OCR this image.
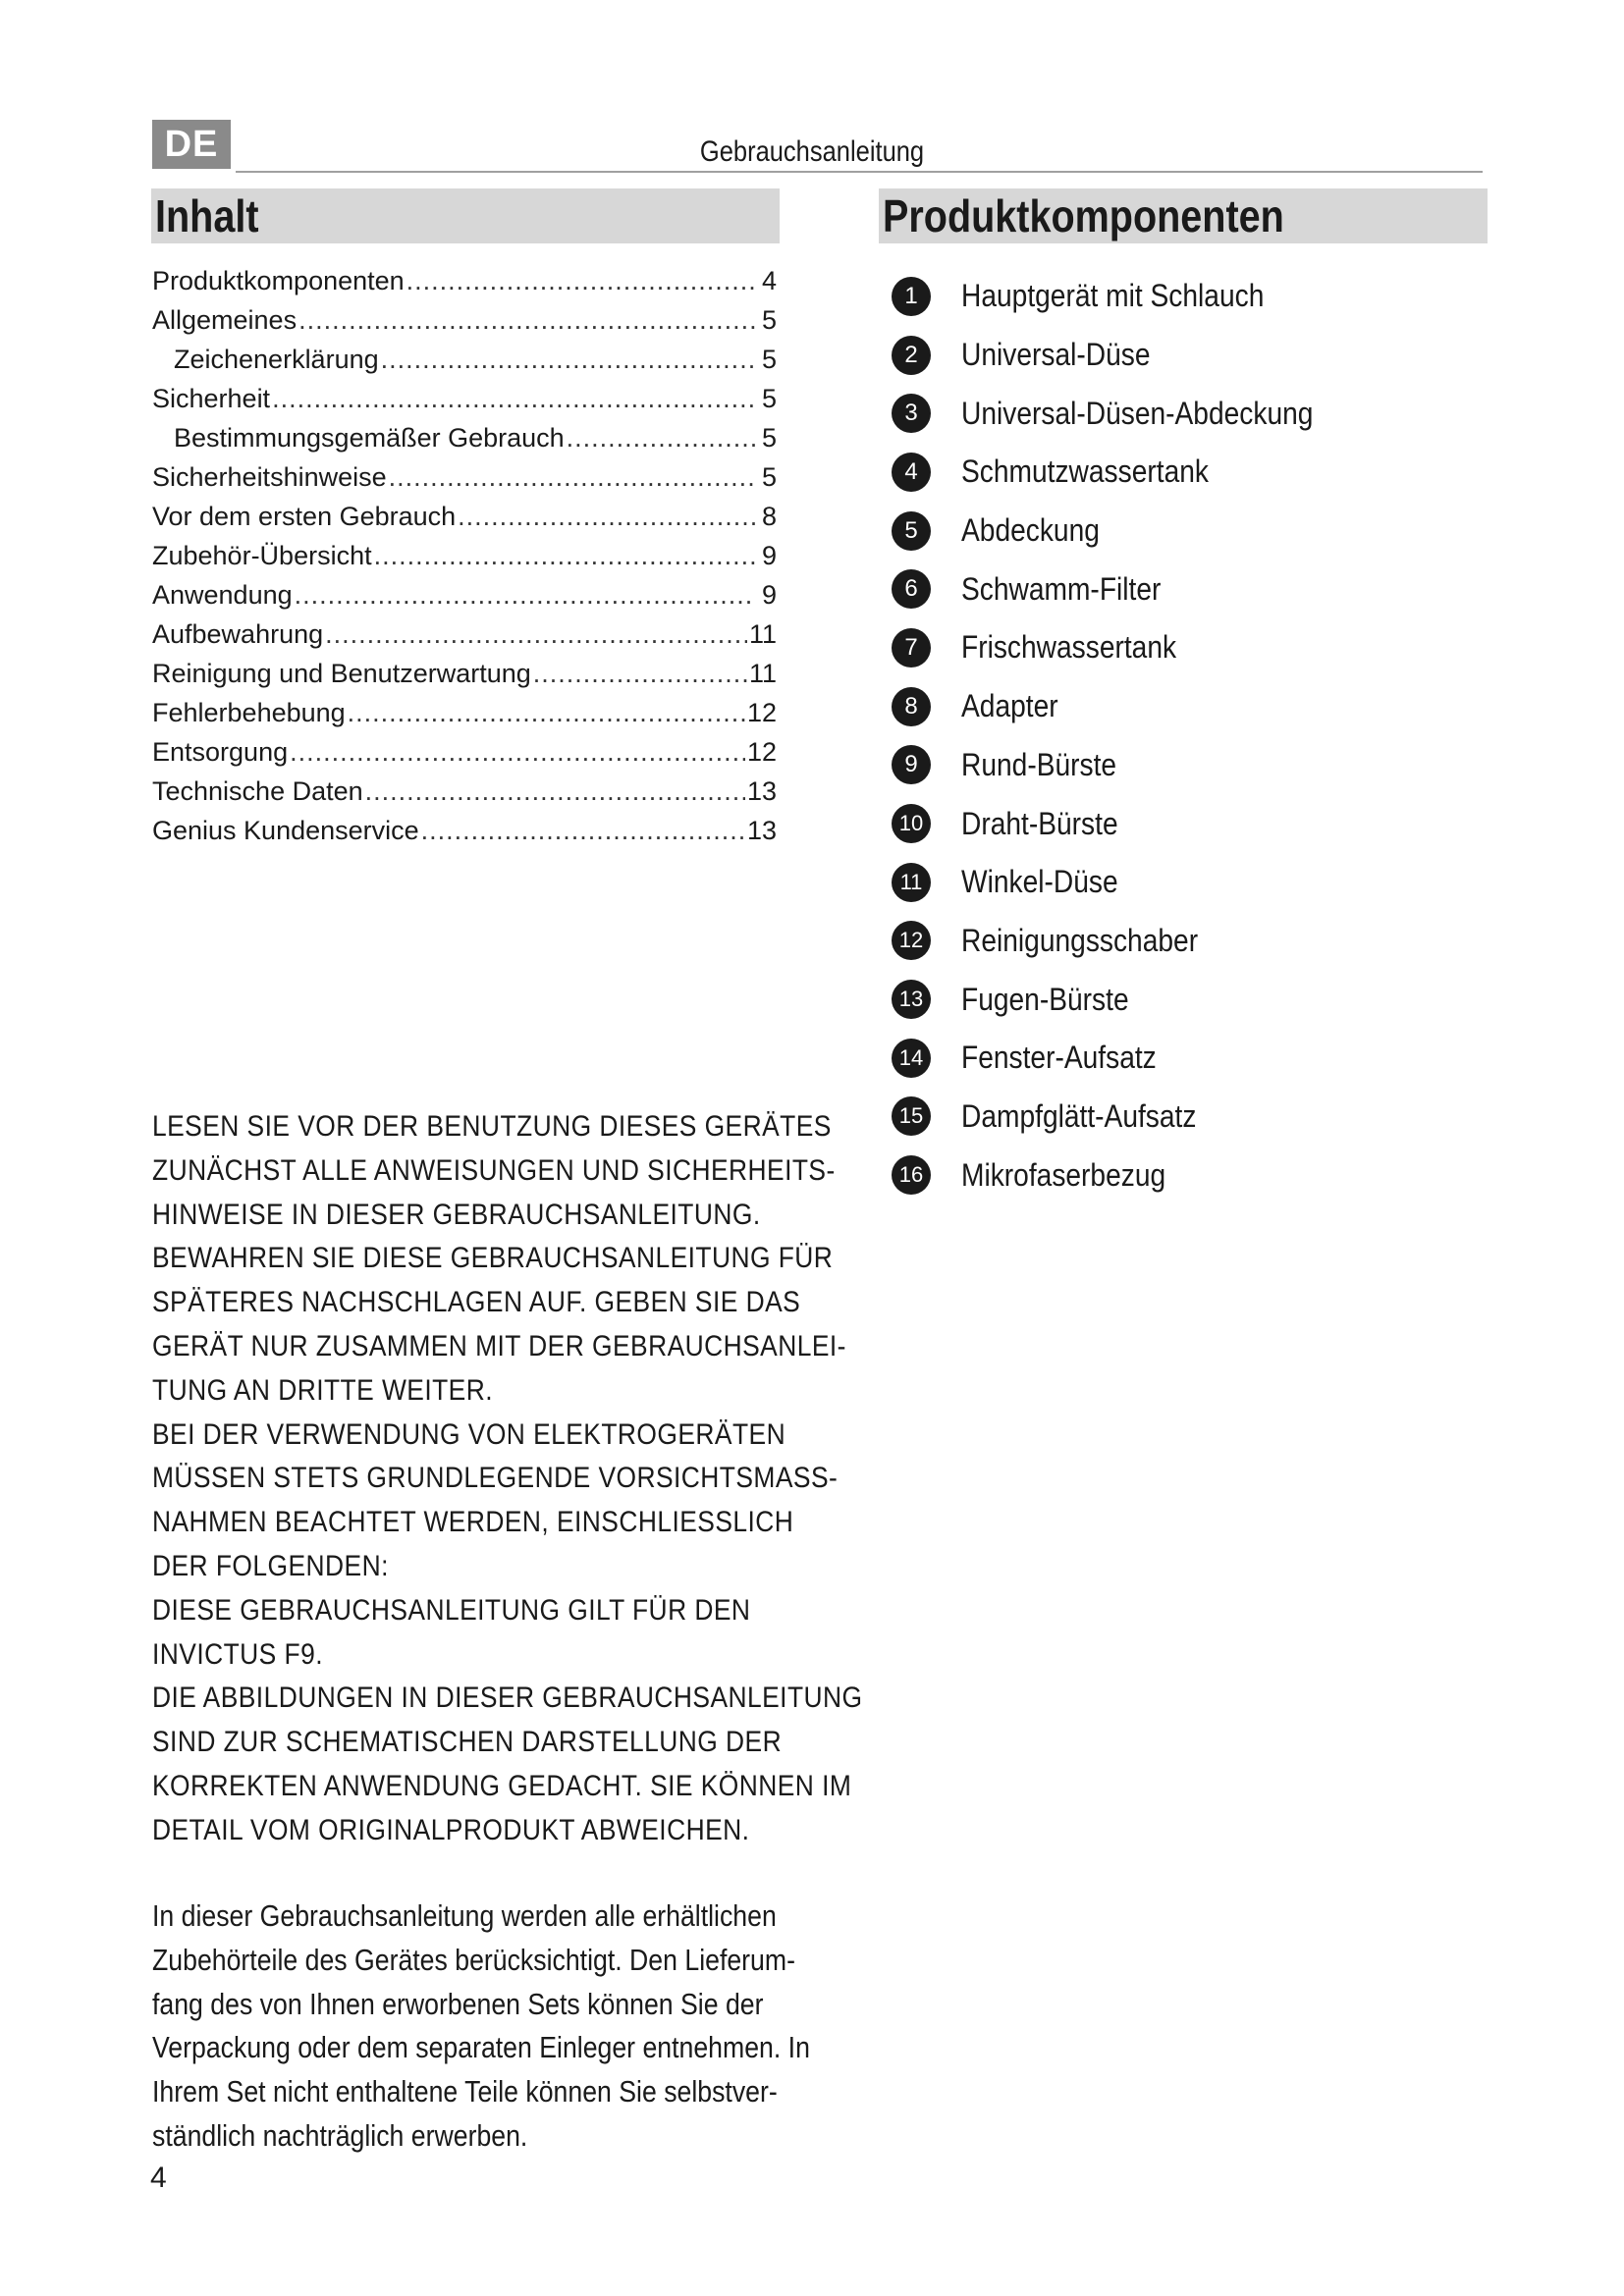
DE	Gebrauchsanleitung
Inhalt	Produktkomponenten
Produktkomponenten .....	4
Allgemeines .....	5
Zeichenerklärung .....	5
Sicherheit .....	5
Bestimmungsgemäßer Gebrauch .....	5
Sicherheitshinweise .....	5
Vor dem ersten Gebrauch .....	8
Zubehör-Übersicht .....	9
Anwendung .....	9
Aufbewahrung .....	11
Reinigung und Benutzerwartung .....	11
Fehlerbehebung .....	12
Entsorgung .....	12
Technische Daten .....	13
Genius Kundenservice .....	13
1	Hauptgerät mit Schlauch
2	Universal-Düse
3	Universal-Düsen-Abdeckung
4	Schmutzwassertank
5	Abdeckung
6	Schwamm-Filter
7	Frischwassertank
8	Adapter
9	Rund-Bürste
10 Draht-Bürste
11 Winkel-Düse
12 Reinigungsschaber
13 Fugen-Bürste
14 Fenster-Aufsatz
15 Dampfglätt-Aufsatz
16 Mikrofaserbezug
LESEN SIE VOR DER BENUTZUNG DIESES GERÄTES
ZUNÄCHST ALLE ANWEISUNGEN UND SICHERHEITS-
HINWEISE IN DIESER GEBRAUCHSANLEITUNG.
BEWAHREN SIE DIESE GEBRAUCHSANLEITUNG FÜR
SPÄTERES NACHSCHLAGEN AUF. GEBEN SIE DAS
GERÄT NUR ZUSAMMEN MIT DER GEBRAUCHSANLEI-
TUNG AN DRITTE WEITER.
BEI DER VERWENDUNG VON ELEKTROGERÄTEN
MÜSSEN STETS GRUNDLEGENDE VORSICHTSMASS-
NAHMEN BEACHTET WERDEN, EINSCHLIESSLICH
DER FOLGENDEN:
DIESE GEBRAUCHSANLEITUNG GILT FÜR DEN
INVICTUS F9.
DIE ABBILDUNGEN IN DIESER GEBRAUCHSANLEITUNG
SIND ZUR SCHEMATISCHEN DARSTELLUNG DER
KORREKTEN ANWENDUNG GEDACHT. SIE KÖNNEN IM
DETAIL VOM ORIGINALPRODUKT ABWEICHEN.
In dieser Gebrauchsanleitung werden alle erhältlichen
Zubehörteile des Gerätes berücksichtigt. Den Lieferum-
fang des von Ihnen erworbenen Sets können Sie der
Verpackung oder dem separaten Einleger entnehmen. In
Ihrem Set nicht enthaltene Teile können Sie selbstver-
ständlich nachträglich erwerben.
4
